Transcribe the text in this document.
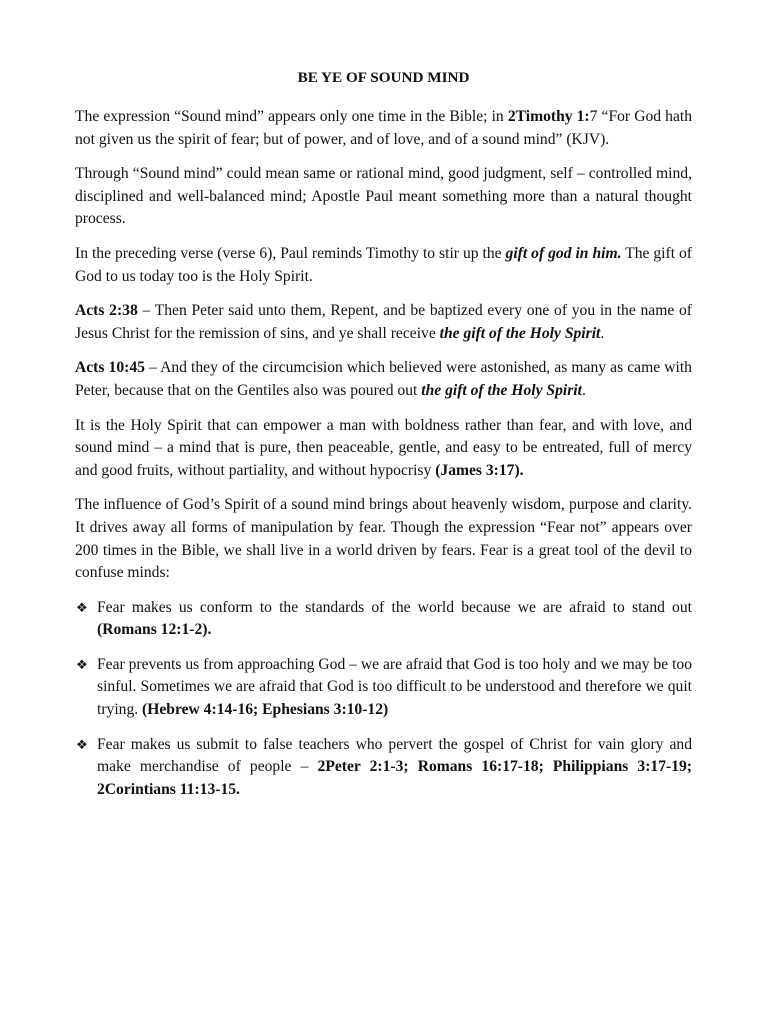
BE YE OF SOUND MIND

The expression “Sound mind” appears only one time in the Bible; in 2Timothy 1:7 “For God hath not given us the spirit of fear; but of power, and of love, and of a sound mind” (KJV).

Through “Sound mind” could mean same or rational mind, good judgment, self – controlled mind, disciplined and well-balanced mind; Apostle Paul meant something more than a natural thought process.

In the preceding verse (verse 6), Paul reminds Timothy to stir up the gift of god in him. The gift of God to us today too is the Holy Spirit.

Acts 2:38 – Then Peter said unto them, Repent, and be baptized every one of you in the name of Jesus Christ for the remission of sins, and ye shall receive the gift of the Holy Spirit.

Acts 10:45 – And they of the circumcision which believed were astonished, as many as came with Peter, because that on the Gentiles also was poured out the gift of the Holy Spirit.

It is the Holy Spirit that can empower a man with boldness rather than fear, and with love, and sound mind – a mind that is pure, then peaceable, gentle, and easy to be entreated, full of mercy and good fruits, without partiality, and without hypocrisy (James 3:17).

The influence of God’s Spirit of a sound mind brings about heavenly wisdom, purpose and clarity. It drives away all forms of manipulation by fear. Though the expression “Fear not” appears over 200 times in the Bible, we shall live in a world driven by fears. Fear is a great tool of the devil to confuse minds:

❖ Fear makes us conform to the standards of the world because we are afraid to stand out (Romans 12:1-2).
❖ Fear prevents us from approaching God – we are afraid that God is too holy and we may be too sinful. Sometimes we are afraid that God is too difficult to be understood and therefore we quit trying. (Hebrew 4:14-16; Ephesians 3:10-12)
❖ Fear makes us submit to false teachers who pervert the gospel of Christ for vain glory and make merchandise of people – 2Peter 2:1-3; Romans 16:17-18; Philippians 3:17-19; 2Corintians 11:13-15.
